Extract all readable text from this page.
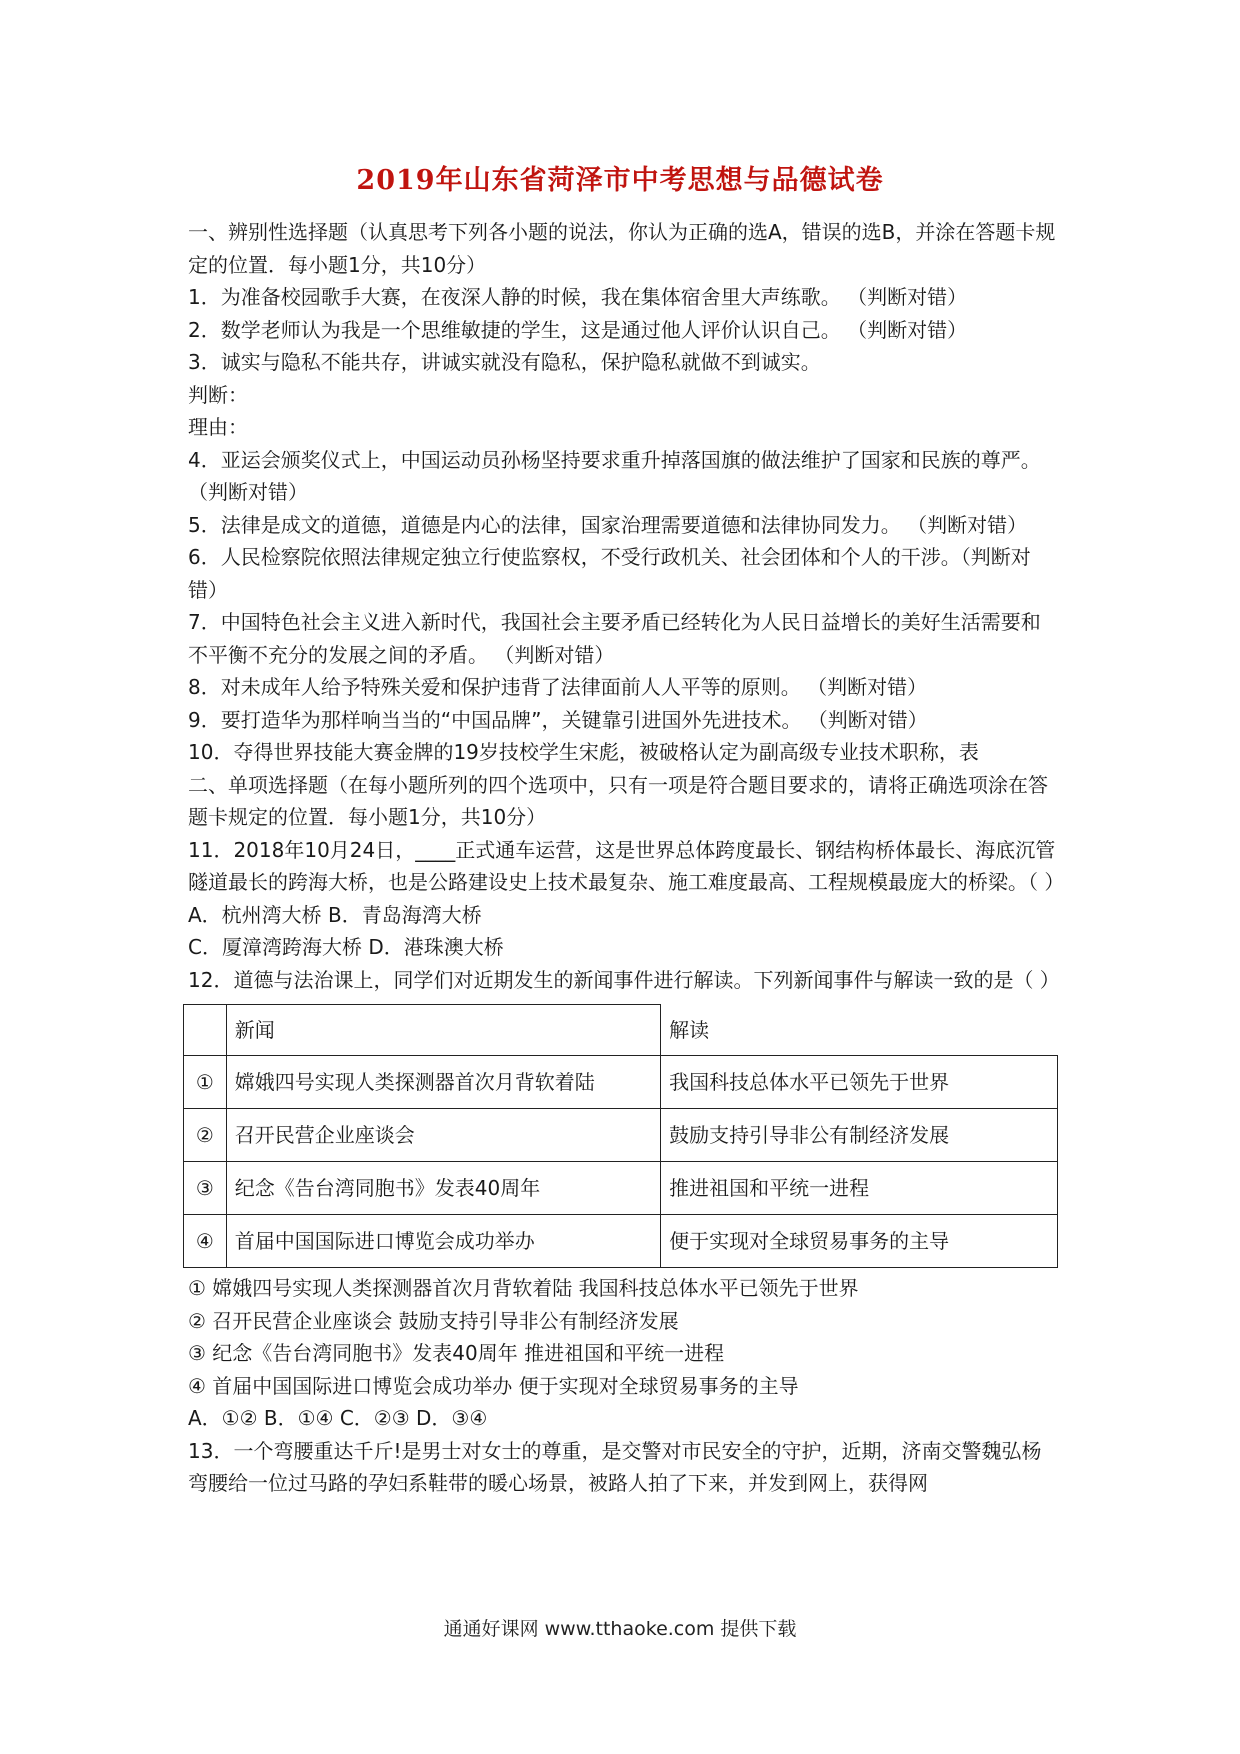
2019年山东省菏泽市中考思想与品德试卷

一、辨别性选择题（认真思考下列各小题的说法，你认为正确的选A，错误的选B，并涂在答题卡规定的位置．每小题1分，共10分）

1．为准备校园歌手大赛，在夜深人静的时候，我在集体宿舍里大声练歌。 （判断对错）

2．数学老师认为我是一个思维敏捷的学生，这是通过他人评价认识自己。 （判断对错）

3．诚实与隐私不能共存，讲诚实就没有隐私，保护隐私就做不到诚实。

判断：

理由：

4．亚运会颁奖仪式上，中国运动员孙杨坚持要求重升掉落国旗的做法维护了国家和民族的尊严。 （判断对错）

5．法律是成文的道德，道德是内心的法律，国家治理需要道德和法律协同发力。 （判断对错）

6．人民检察院依照法律规定独立行使监察权，不受行政机关、社会团体和个人的干涉。（判断对错）

7．中国特色社会主义进入新时代，我国社会主要矛盾已经转化为人民日益增长的美好生活需要和不平衡不充分的发展之间的矛盾。 （判断对错）

8．对未成年人给予特殊关爱和保护违背了法律面前人人平等的原则。 （判断对错）

9．要打造华为那样响当当的“中国品牌”，关键靠引进国外先进技术。 （判断对错）

10．夺得世界技能大赛金牌的19岁技校学生宋彪，被破格认定为副高级专业技术职称，表

二、单项选择题（在每小题所列的四个选项中，只有一项是符合题目要求的，请将正确选项涂在答题卡规定的位置．每小题1分，共10分）

11．2018年10月24日，____正式通车运营，这是世界总体跨度最长、钢结构桥体最长、海底沉管隧道最长的跨海大桥，也是公路建设史上技术最复杂、施工难度最高、工程规模最庞大的桥梁。（ ）

A．杭州湾大桥 B．青岛海湾大桥

C．厦漳湾跨海大桥 D．港珠澳大桥

12．道德与法治课上，同学们对近期发生的新闻事件进行解读。下列新闻事件与解读一致的是（ ）

	新闻	解读
①	嫦娥四号实现人类探测器首次月背软着陆	我国科技总体水平已领先于世界
②	召开民营企业座谈会	鼓励支持引导非公有制经济发展
③	纪念《告台湾同胞书》发表40周年	推进祖国和平统一进程
④	首届中国国际进口博览会成功举办	便于实现对全球贸易事务的主导

① 嫦娥四号实现人类探测器首次月背软着陆 我国科技总体水平已领先于世界

② 召开民营企业座谈会 鼓励支持引导非公有制经济发展

③ 纪念《告台湾同胞书》发表40周年 推进祖国和平统一进程

④ 首届中国国际进口博览会成功举办 便于实现对全球贸易事务的主导

A．①② B．①④ C．②③ D．③④

13．一个弯腰重达千斤!是男士对女士的尊重，是交警对市民安全的守护，近期，济南交警魏弘杨弯腰给一位过马路的孕妇系鞋带的暖心场景，被路人拍了下来，并发到网上，获得网

通通好课网 www.tthaoke.com 提供下载
